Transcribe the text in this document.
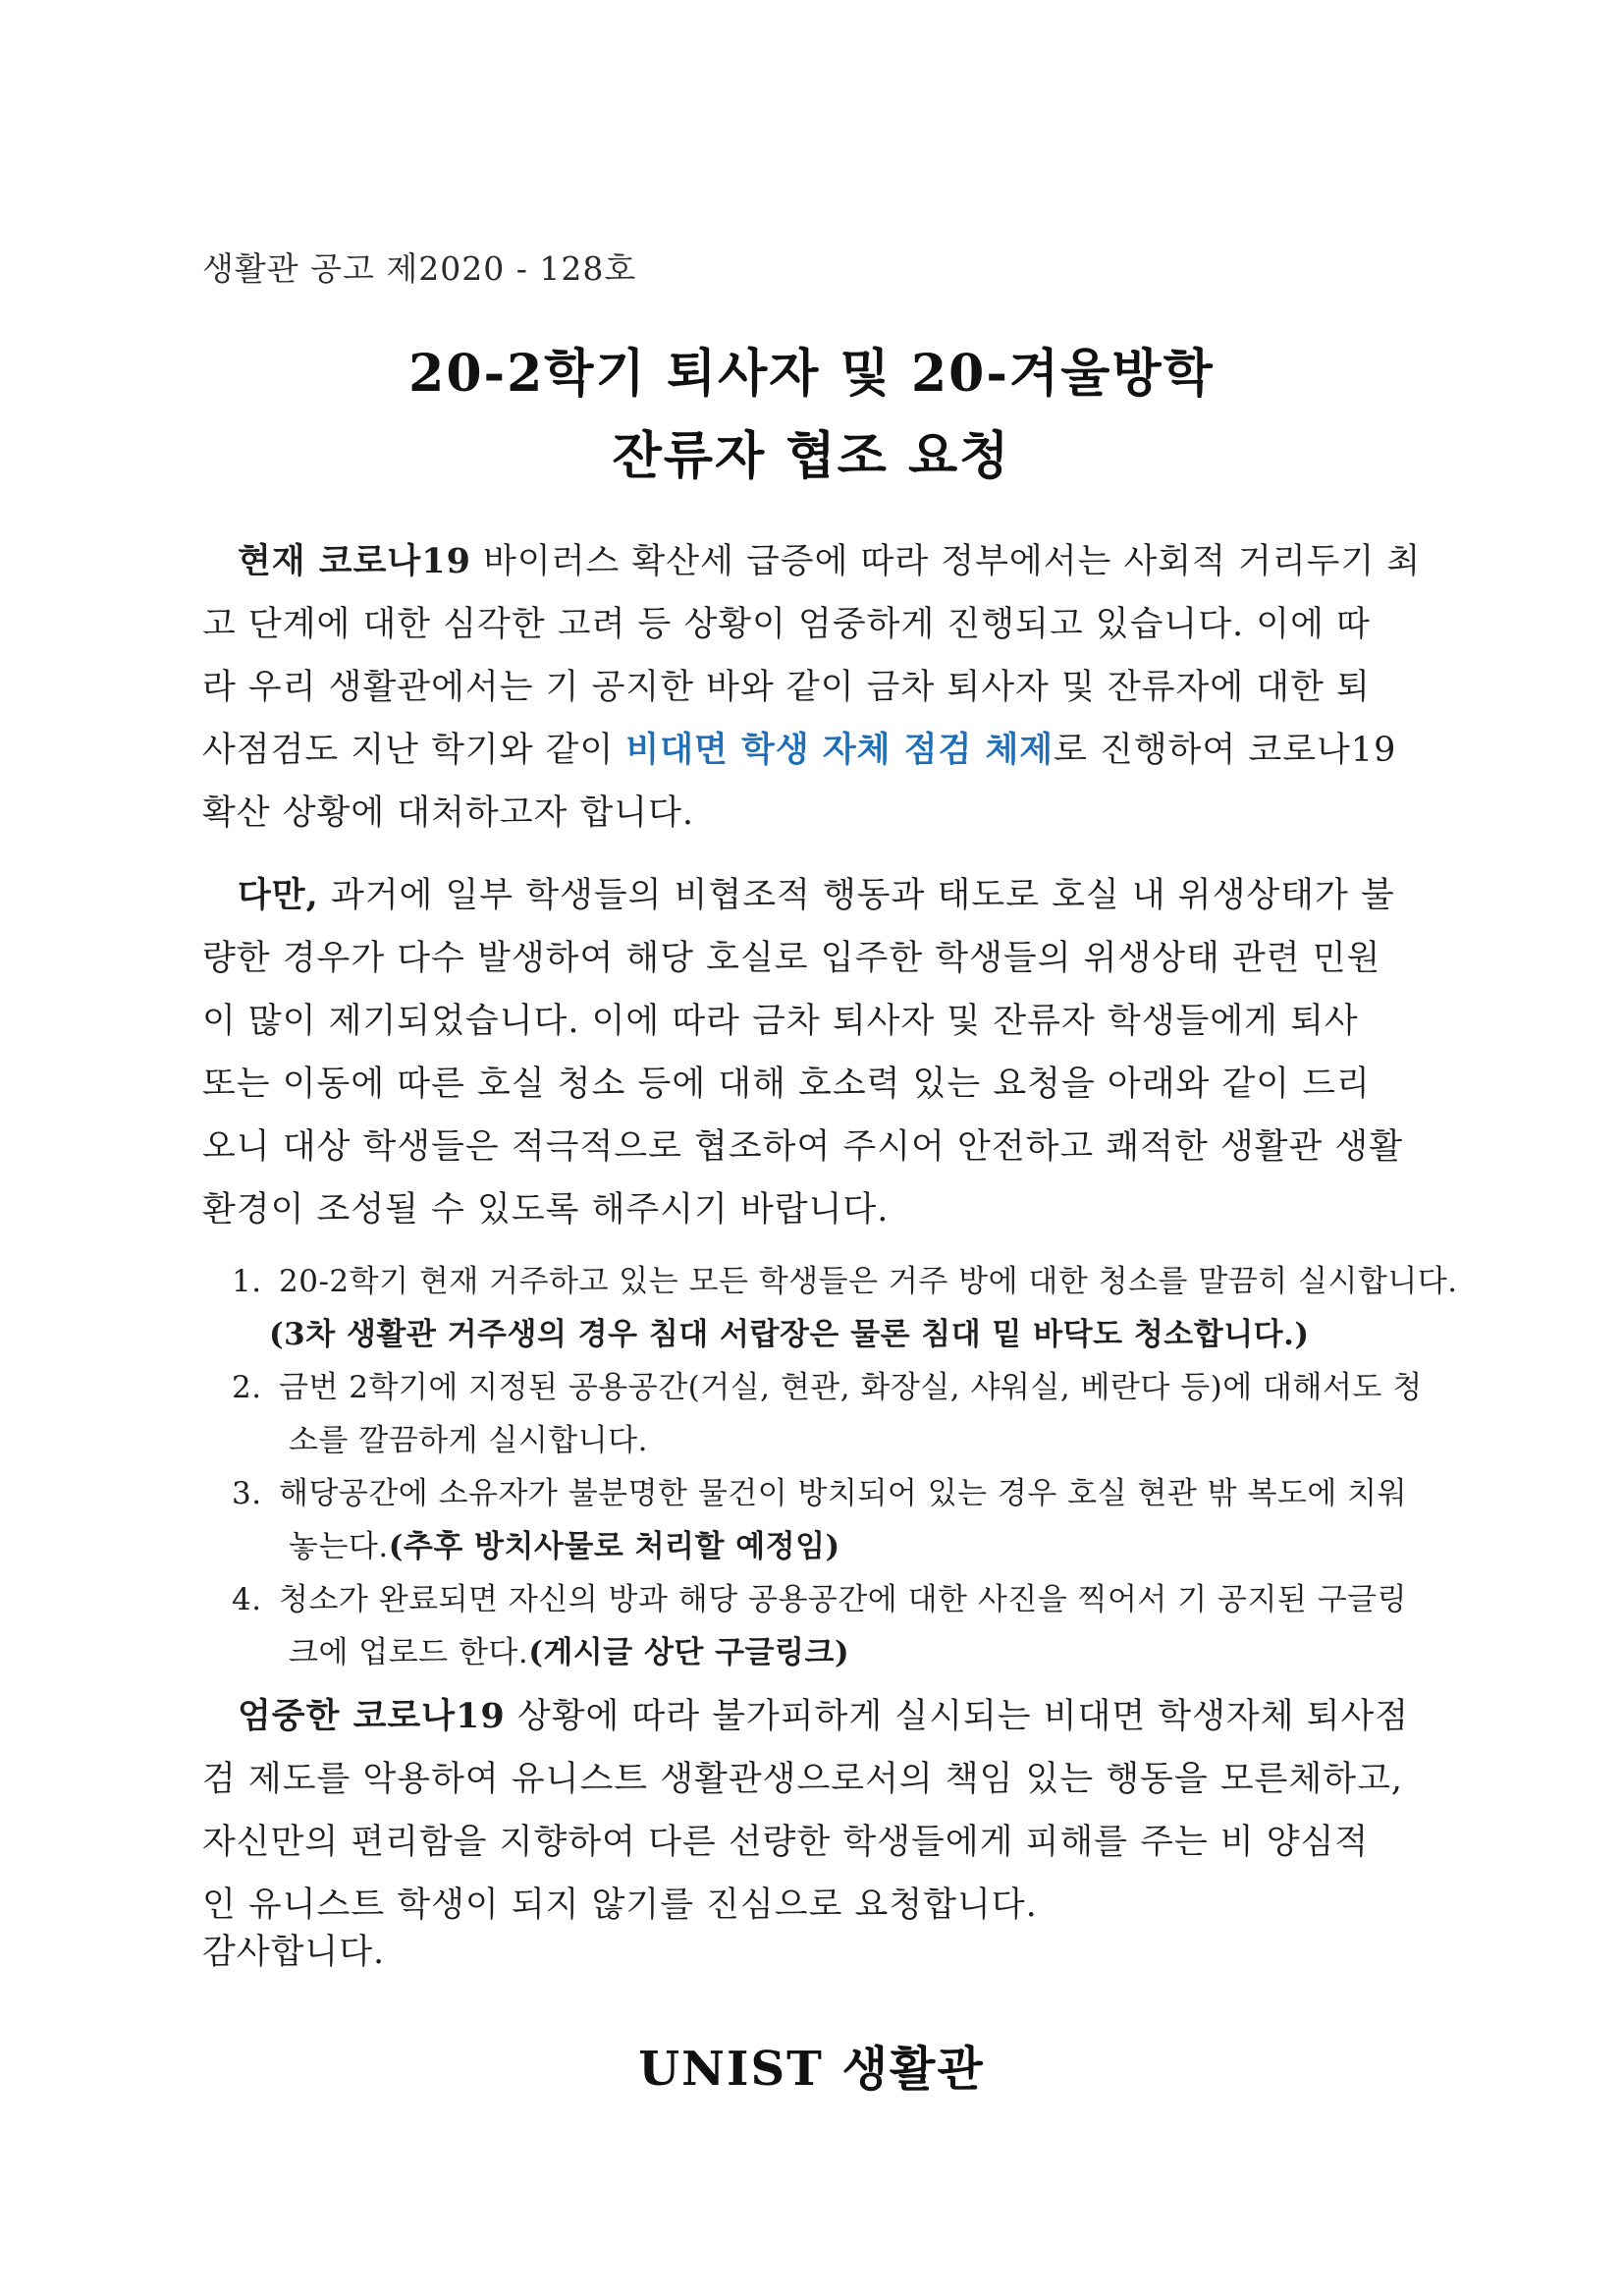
생활관 공고 제2020 - 128호
20-2학기 퇴사자 및 20-겨울방학
잔류자 협조 요청
현재 코로나19 바이러스 확산세 급증에 따라 정부에서는 사회적 거리두기 최
고 단계에 대한 심각한 고려 등 상황이 엄중하게 진행되고 있습니다. 이에 따
라 우리 생활관에서는 기 공지한 바와 같이 금차 퇴사자 및 잔류자에 대한 퇴
사점검도 지난 학기와 같이 비대면 학생 자체 점검 체제로 진행하여 코로나19
확산 상황에 대처하고자 합니다.
다만, 과거에 일부 학생들의 비협조적 행동과 태도로 호실 내 위생상태가 불
량한 경우가 다수 발생하여 해당 호실로 입주한 학생들의 위생상태 관련 민원
이 많이 제기되었습니다. 이에 따라 금차 퇴사자 및 잔류자 학생들에게 퇴사
또는 이동에 따른 호실 청소 등에 대해 호소력 있는 요청을 아래와 같이 드리
오니 대상 학생들은 적극적으로 협조하여 주시어 안전하고 쾌적한 생활관 생활
환경이 조성될 수 있도록 해주시기 바랍니다.
1. 20-2학기 현재 거주하고 있는 모든 학생들은 거주 방에 대한 청소를 말끔히 실시합니다.
(3차 생활관 거주생의 경우 침대 서랍장은 물론 침대 밑 바닥도 청소합니다.)
2. 금번 2학기에 지정된 공용공간(거실, 현관, 화장실, 샤워실, 베란다 등)에 대해서도 청
소를 깔끔하게 실시합니다.
3. 해당공간에 소유자가 불분명한 물건이 방치되어 있는 경우 호실 현관 밖 복도에 치워
놓는다.(추후 방치사물로 처리할 예정임)
4. 청소가 완료되면 자신의 방과 해당 공용공간에 대한 사진을 찍어서 기 공지된 구글링
크에 업로드 한다.(게시글 상단 구글링크)
엄중한 코로나19 상황에 따라 불가피하게 실시되는 비대면 학생자체 퇴사점
검 제도를 악용하여 유니스트 생활관생으로서의 책임 있는 행동을 모른체하고,
자신만의 편리함을 지향하여 다른 선량한 학생들에게 피해를 주는 비 양심적
인 유니스트 학생이 되지 않기를 진심으로 요청합니다.
감사합니다.
UNIST 생활관
